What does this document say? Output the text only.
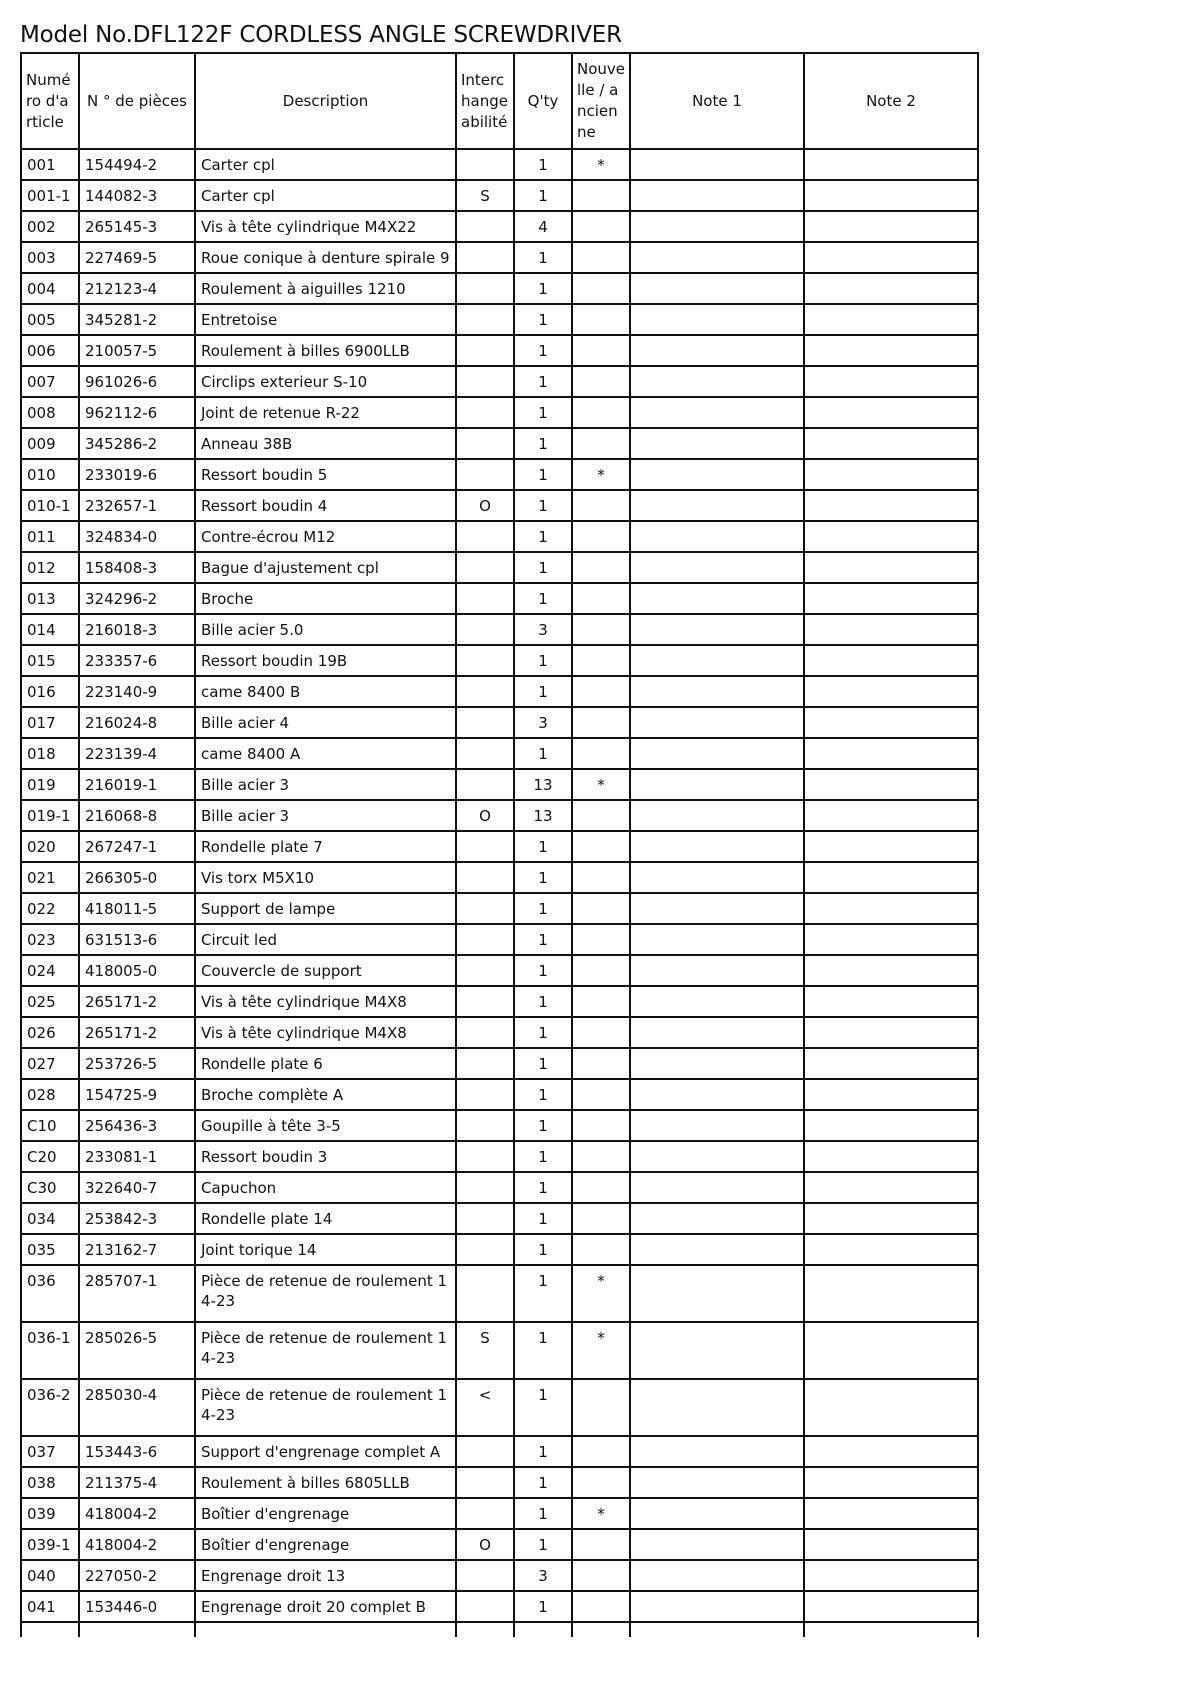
Model No.DFL122F CORDLESS ANGLE SCREWDRIVER
Numéro d'article	N ° de pièces	Description	Interchangeabilité	Q'ty	Nouvelle / ancienne	Note 1	Note 2
001	154494-2	Carter cpl		1	*		
001-1	144082-3	Carter cpl	S	1			
002	265145-3	Vis à tête cylindrique M4X22		4			
003	227469-5	Roue conique à denture spirale 9		1			
004	212123-4	Roulement à aiguilles 1210		1			
005	345281-2	Entretoise		1			
006	210057-5	Roulement à billes 6900LLB		1			
007	961026-6	Circlips exterieur S-10		1			
008	962112-6	Joint de retenue R-22		1			
009	345286-2	Anneau 38B		1			
010	233019-6	Ressort boudin 5		1	*		
010-1	232657-1	Ressort boudin 4	O	1			
011	324834-0	Contre-écrou M12		1			
012	158408-3	Bague d'ajustement cpl		1			
013	324296-2	Broche		1			
014	216018-3	Bille acier 5.0		3			
015	233357-6	Ressort boudin 19B		1			
016	223140-9	came 8400 B		1			
017	216024-8	Bille acier 4		3			
018	223139-4	came 8400 A		1			
019	216019-1	Bille acier 3		13	*		
019-1	216068-8	Bille acier 3	O	13			
020	267247-1	Rondelle plate 7		1			
021	266305-0	Vis torx M5X10		1			
022	418011-5	Support de lampe		1			
023	631513-6	Circuit led		1			
024	418005-0	Couvercle de support		1			
025	265171-2	Vis à tête cylindrique M4X8		1			
026	265171-2	Vis à tête cylindrique M4X8		1			
027	253726-5	Rondelle plate 6		1			
028	154725-9	Broche complète A		1			
C10	256436-3	Goupille à tête 3-5		1			
C20	233081-1	Ressort boudin 3		1			
C30	322640-7	Capuchon		1			
034	253842-3	Rondelle plate 14		1			
035	213162-7	Joint torique 14		1			
036	285707-1	Pièce de retenue de roulement 14-23		1	*		
036-1	285026-5	Pièce de retenue de roulement 14-23	S	1	*		
036-2	285030-4	Pièce de retenue de roulement 14-23	<	1			
037	153443-6	Support d'engrenage complet A		1			
038	211375-4	Roulement à billes 6805LLB		1			
039	418004-2	Boîtier d'engrenage		1	*		
039-1	418004-2	Boîtier d'engrenage	O	1			
040	227050-2	Engrenage droit 13		3			
041	153446-0	Engrenage droit 20 complet B		1			
